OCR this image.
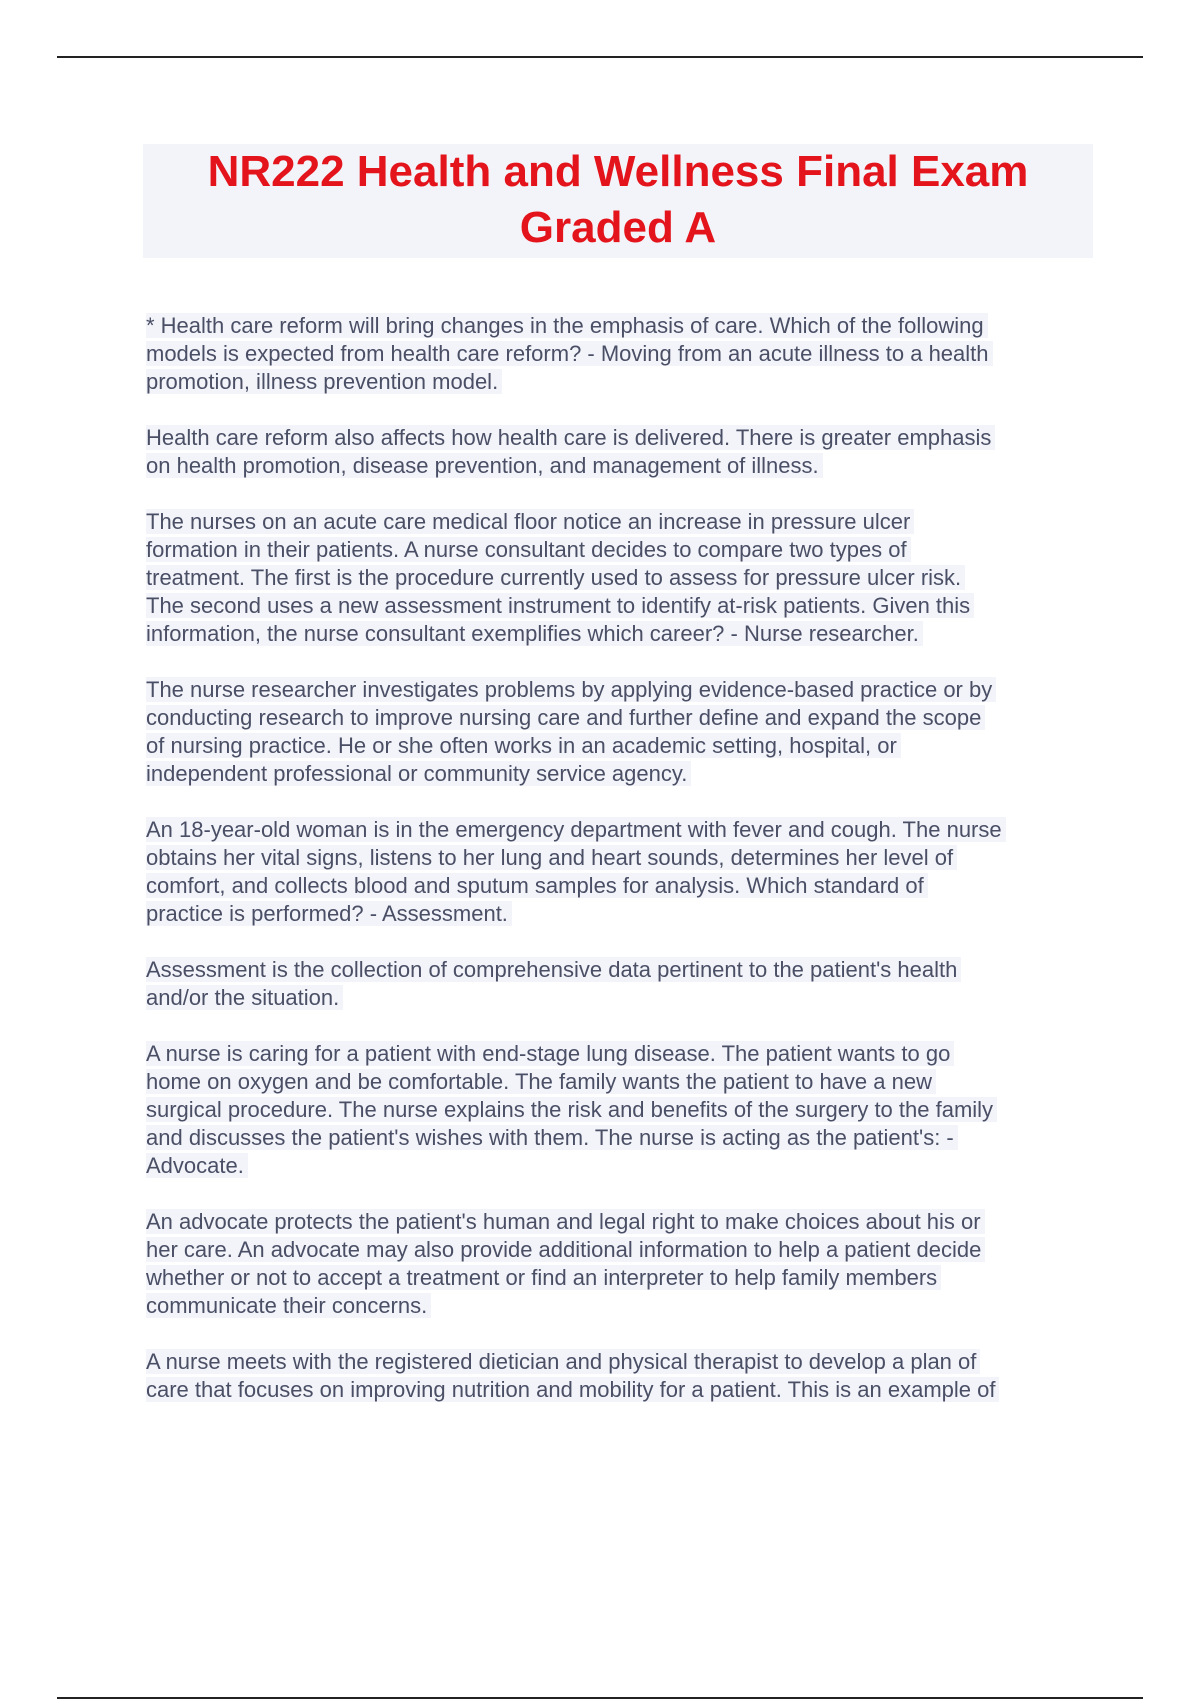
NR222 Health and Wellness Final Exam
Graded A

* Health care reform will bring changes in the emphasis of care. Which of the following
models is expected from health care reform? - Moving from an acute illness to a health
promotion, illness prevention model.

Health care reform also affects how health care is delivered. There is greater emphasis
on health promotion, disease prevention, and management of illness.

The nurses on an acute care medical floor notice an increase in pressure ulcer
formation in their patients. A nurse consultant decides to compare two types of
treatment. The first is the procedure currently used to assess for pressure ulcer risk.
The second uses a new assessment instrument to identify at-risk patients. Given this
information, the nurse consultant exemplifies which career? - Nurse researcher.

The nurse researcher investigates problems by applying evidence-based practice or by
conducting research to improve nursing care and further define and expand the scope
of nursing practice. He or she often works in an academic setting, hospital, or
independent professional or community service agency.

An 18-year-old woman is in the emergency department with fever and cough. The nurse
obtains her vital signs, listens to her lung and heart sounds, determines her level of
comfort, and collects blood and sputum samples for analysis. Which standard of
practice is performed? - Assessment.

Assessment is the collection of comprehensive data pertinent to the patient's health
and/or the situation.

A nurse is caring for a patient with end-stage lung disease. The patient wants to go
home on oxygen and be comfortable. The family wants the patient to have a new
surgical procedure. The nurse explains the risk and benefits of the surgery to the family
and discusses the patient's wishes with them. The nurse is acting as the patient's: -
Advocate.

An advocate protects the patient's human and legal right to make choices about his or
her care. An advocate may also provide additional information to help a patient decide
whether or not to accept a treatment or find an interpreter to help family members
communicate their concerns.

A nurse meets with the registered dietician and physical therapist to develop a plan of
care that focuses on improving nutrition and mobility for a patient. This is an example of
